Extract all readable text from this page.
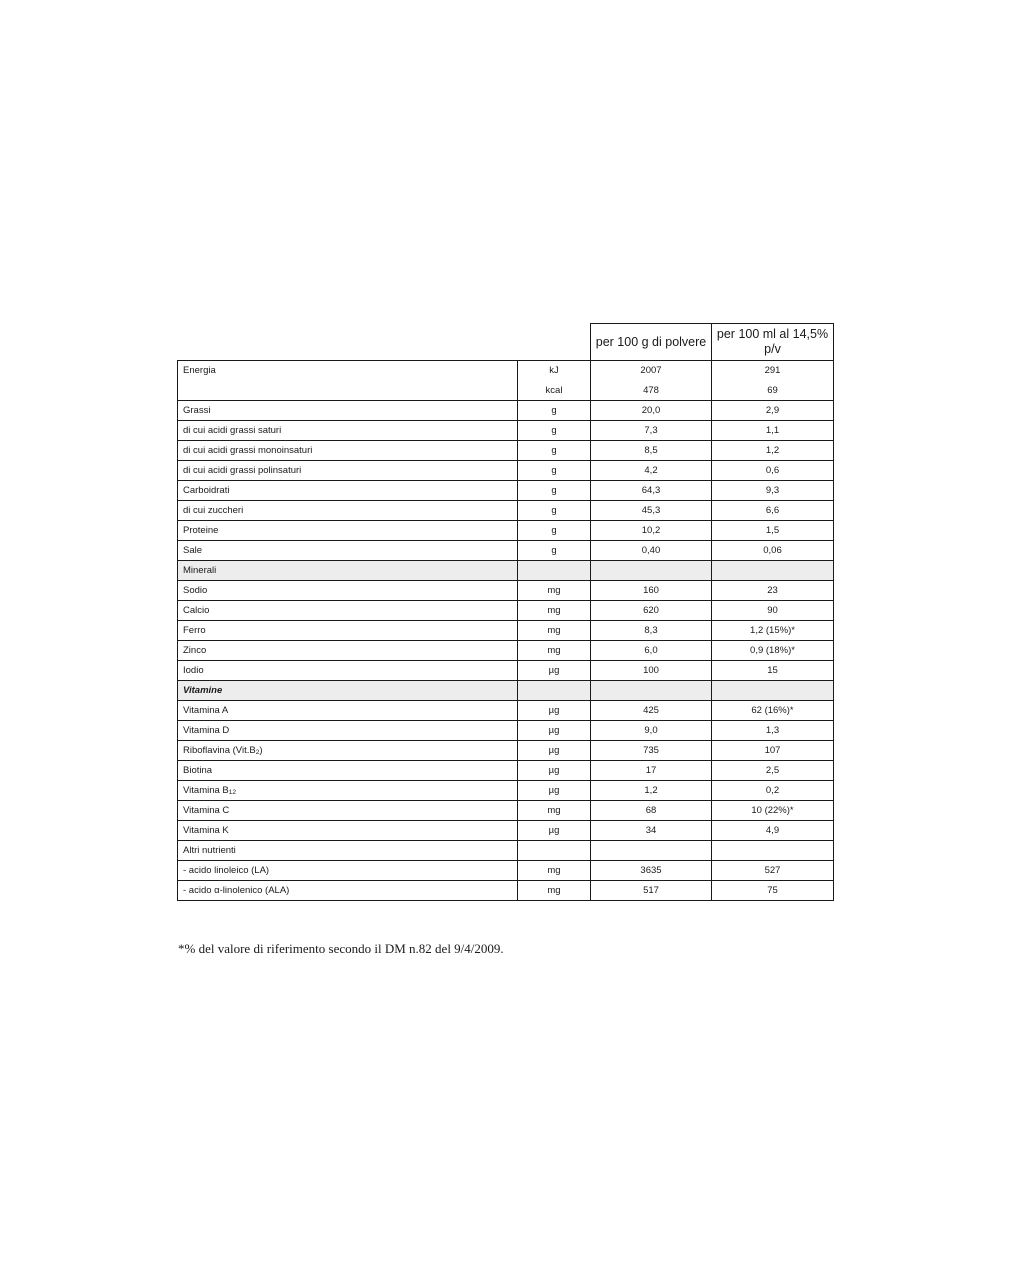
		per 100 g di polvere	per 100 ml al 14,5% p/v
Energia	kJ	2007	291
	kcal	478	69
Grassi	g	20,0	2,9
di cui acidi grassi saturi	g	7,3	1,1
di cui acidi grassi monoinsaturi	g	8,5	1,2
di cui acidi grassi polinsaturi	g	4,2	0,6
Carboidrati	g	64,3	9,3
di cui zuccheri	g	45,3	6,6
Proteine	g	10,2	1,5
Sale	g	0,40	0,06
Minerali			
Sodio	mg	160	23
Calcio	mg	620	90
Ferro	mg	8,3	1,2 (15%)*
Zinco	mg	6,0	0,9 (18%)*
Iodio	µg	100	15
Vitamine			
Vitamina A	µg	425	62 (16%)*
Vitamina D	µg	9,0	1,3
Riboflavina $(Vit.B_2)$	µg	735	107
Biotina	µg	17	2,5
Vitamina $B_{12}$	µg	1,2	0,2
Vitamina C	mg	68	10 (22%)*
Vitamina K	µg	34	4,9
Altri nutrienti			
- acido linoleico (LA)	mg	3635	527
- acido α-linolenico (ALA)	mg	517	75
*% del valore di riferimento secondo il DM n.82 del 9/4/2009.
